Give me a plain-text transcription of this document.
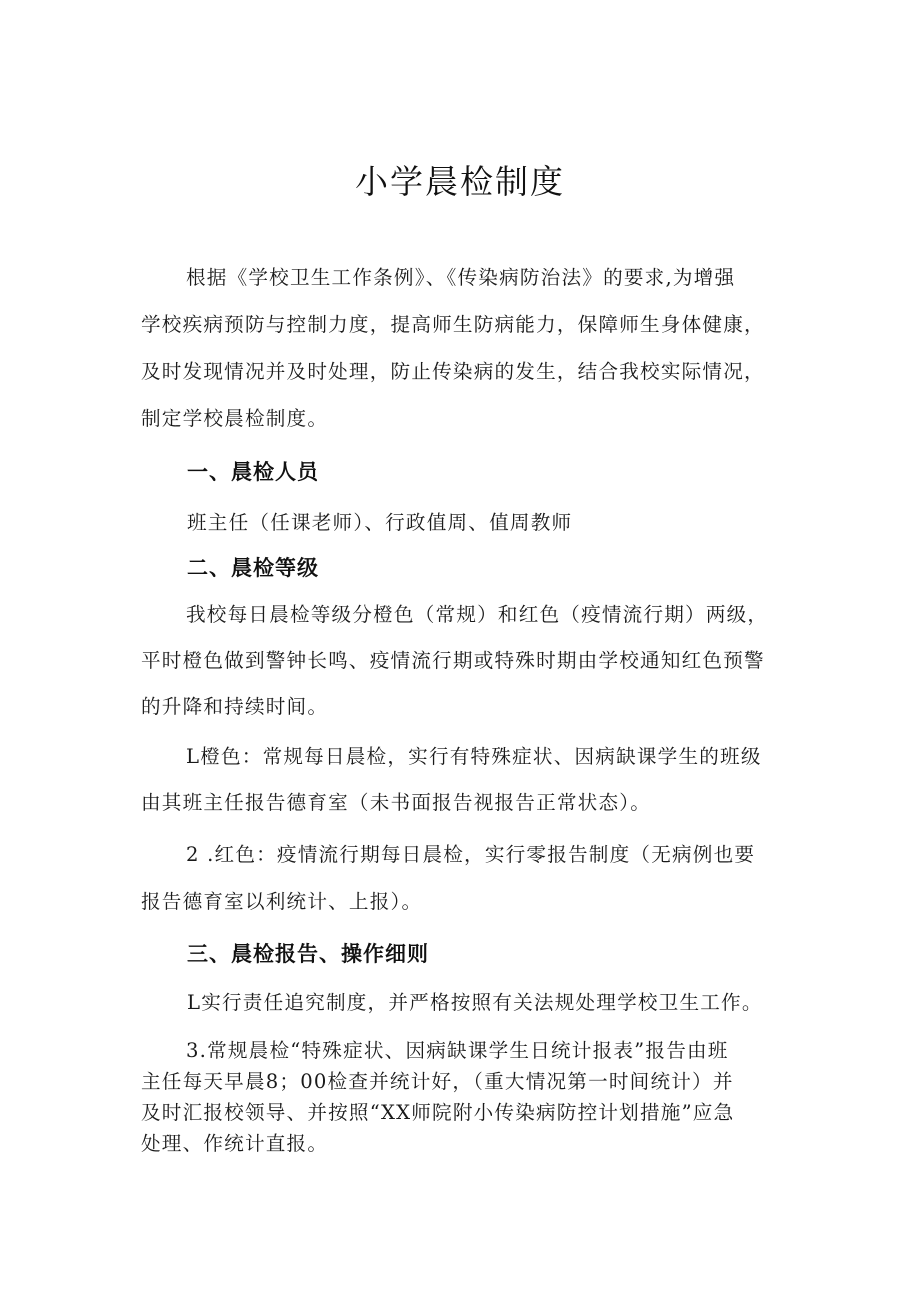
小学晨检制度

根据《学校卫生工作条例》、《传染病防治法》的要求,为增强
学校疾病预防与控制力度，提高师生防病能力，保障师生身体健康，
及时发现情况并及时处理，防止传染病的发生，结合我校实际情况，
制定学校晨检制度。

一、晨检人员

班主任（任课老师）、行政值周、值周教师

二、晨检等级

我校每日晨检等级分橙色（常规）和红色（疫情流行期）两级，
平时橙色做到警钟长鸣、疫情流行期或特殊时期由学校通知红色预警
的升降和持续时间。

L橙色：常规每日晨检，实行有特殊症状、因病缺课学生的班级
由其班主任报告德育室（未书面报告视报告正常状态）。

2 .红色：疫情流行期每日晨检，实行零报告制度（无病例也要
报告德育室以利统计、上报）。

三、晨检报告、操作细则

L实行责任追究制度，并严格按照有关法规处理学校卫生工作。

3.常规晨检“特殊症状、因病缺课学生日统计报表”报告由班
主任每天早晨8；00检查并统计好，（重大情况第一时间统计）并
及时汇报校领导、并按照“XX师院附小传染病防控计划措施”应急
处理、作统计直报。
